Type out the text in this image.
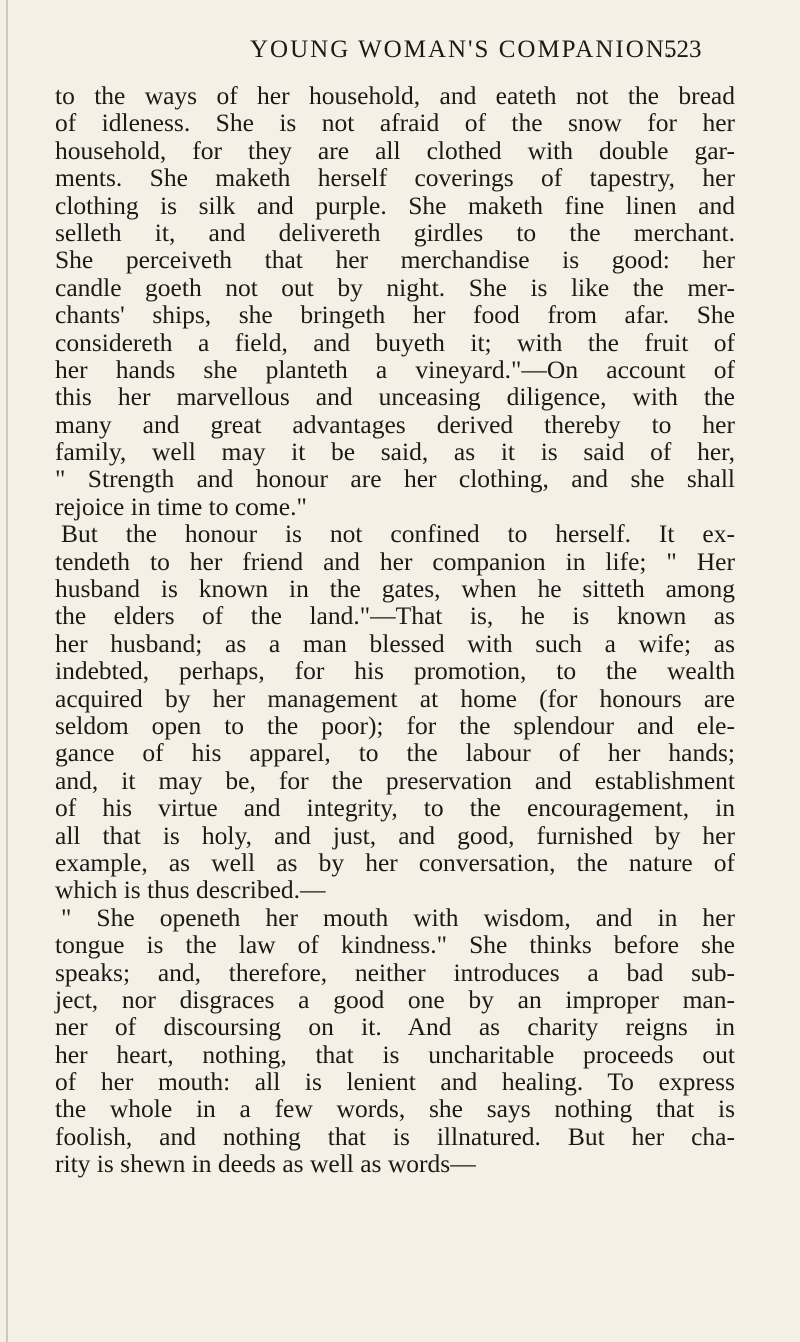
YOUNG WOMAN'S COMPANION.
523
to the ways of her household, and eateth not the bread
of idleness. She is not afraid of the snow for her
household, for they are all clothed with double gar-
ments. She maketh herself coverings of tapestry, her
clothing is silk and purple. She maketh fine linen and
selleth it, and delivereth girdles to the merchant.
She perceiveth that her merchandise is good: her
candle goeth not out by night. She is like the mer-
chants' ships, she bringeth her food from afar. She
considereth a field, and buyeth it; with the fruit of
her hands she planteth a vineyard."—On account of
this her marvellous and unceasing diligence, with the
many and great advantages derived thereby to her
family, well may it be said, as it is said of her,
" Strength and honour are her clothing, and she shall
rejoice in time to come."
But the honour is not confined to herself. It ex-
tendeth to her friend and her companion in life; " Her
husband is known in the gates, when he sitteth among
the elders of the land."—That is, he is known as
her husband; as a man blessed with such a wife; as
indebted, perhaps, for his promotion, to the wealth
acquired by her management at home (for honours are
seldom open to the poor); for the splendour and ele-
gance of his apparel, to the labour of her hands;
and, it may be, for the preservation and establishment
of his virtue and integrity, to the encouragement, in
all that is holy, and just, and good, furnished by her
example, as well as by her conversation, the nature of
which is thus described.—
" She openeth her mouth with wisdom, and in her
tongue is the law of kindness." She thinks before she
speaks; and, therefore, neither introduces a bad sub-
ject, nor disgraces a good one by an improper man-
ner of discoursing on it. And as charity reigns in
her heart, nothing, that is uncharitable proceeds out
of her mouth: all is lenient and healing. To express
the whole in a few words, she says nothing that is
foolish, and nothing that is illnatured. But her cha-
rity is shewn in deeds as well as words—
